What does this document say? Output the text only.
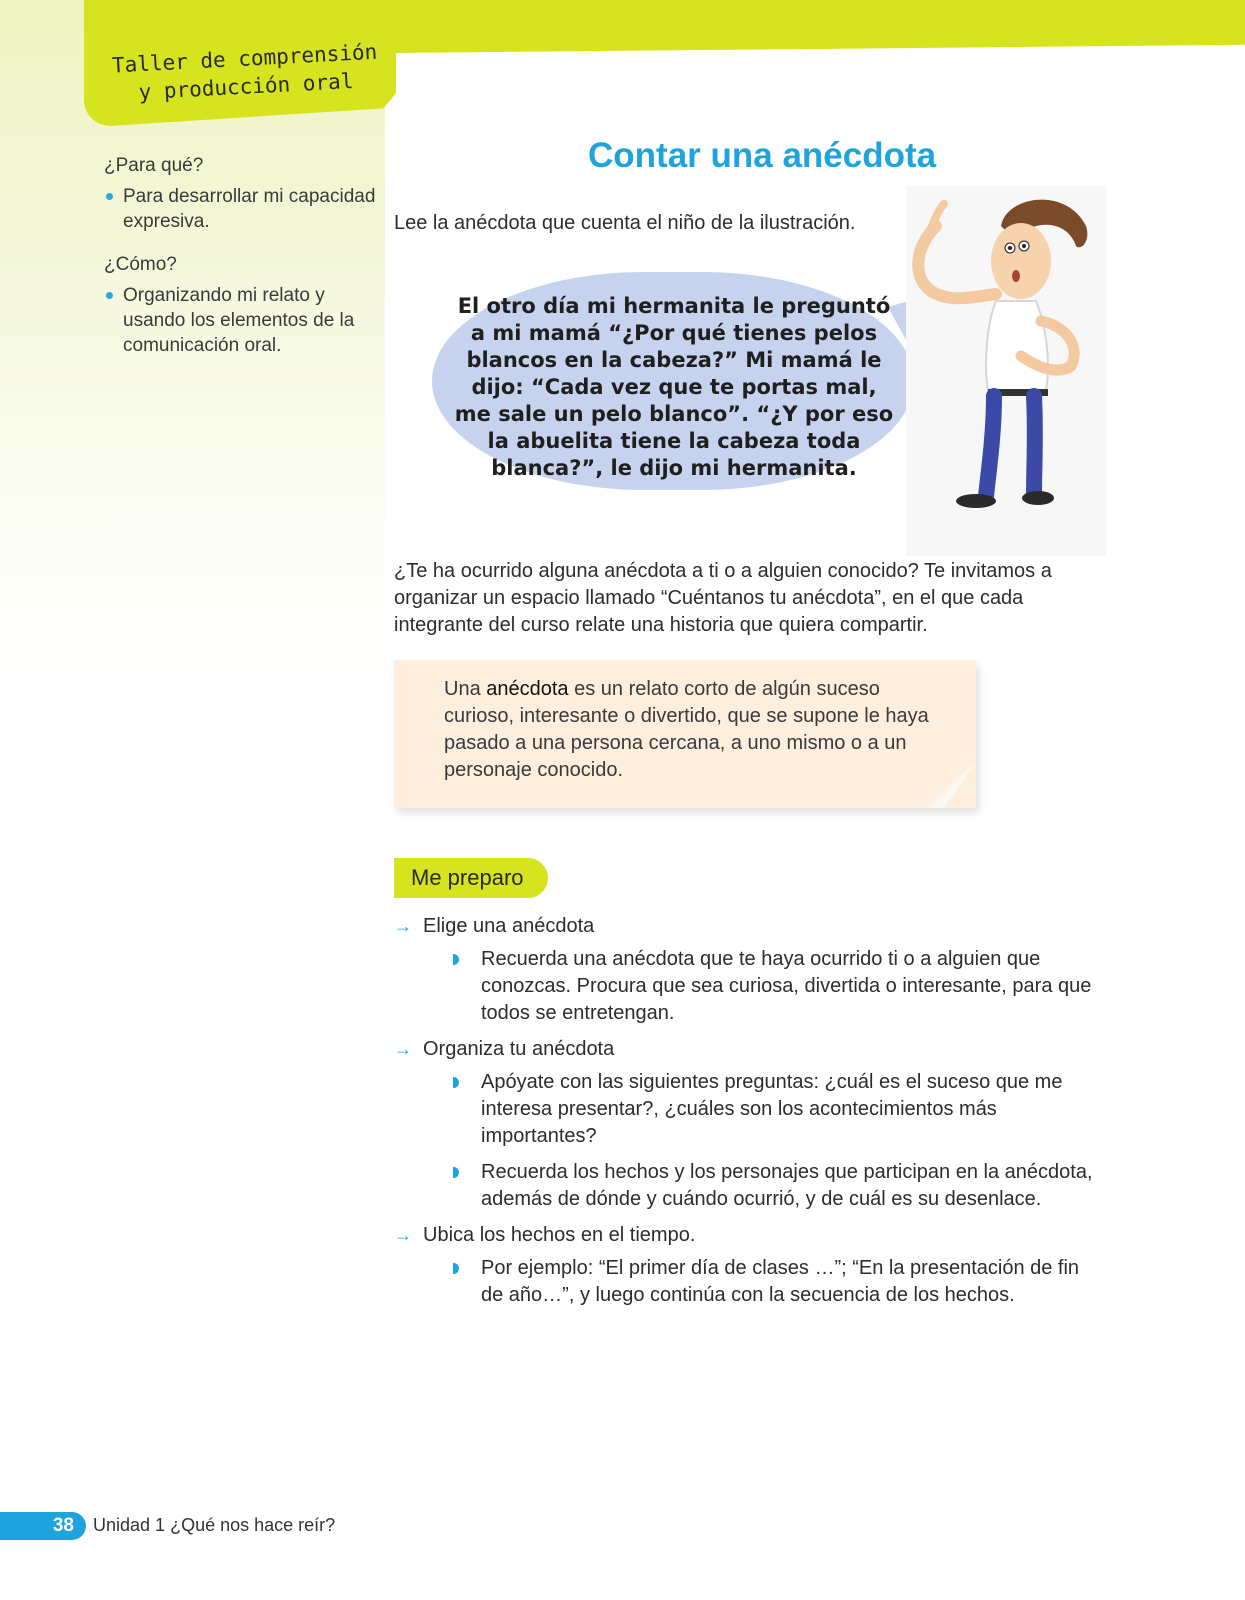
Taller de comprensión
y producción oral
¿Para qué?
Para desarrollar mi capacidad expresiva.
¿Cómo?
Organizando mi relato y usando los elementos de la comunicación oral.
Contar una anécdota
Lee la anécdota que cuenta el niño de la ilustración.
El otro día mi hermanita le preguntó a mi mamá “¿Por qué tienes pelos blancos en la cabeza?” Mi mamá le dijo: “Cada vez que te portas mal, me sale un pelo blanco”. “¿Y por eso la abuelita tiene la cabeza toda blanca?”, le dijo mi hermanita.
¿Te ha ocurrido alguna anécdota a ti o a alguien conocido? Te invitamos a organizar un espacio llamado “Cuéntanos tu anécdota”, en el que cada integrante del curso relate una historia que quiera compartir.
Una anécdota es un relato corto de algún suceso curioso, interesante o divertido, que se supone le haya pasado a una persona cercana, a uno mismo o a un personaje conocido.
Me preparo
→ Elige una anécdota
Recuerda una anécdota que te haya ocurrido ti o a alguien que conozcas. Procura que sea curiosa, divertida o interesante, para que todos se entretengan.
→ Organiza tu anécdota
Apóyate con las siguientes preguntas: ¿cuál es el suceso que me interesa presentar?, ¿cuáles son los acontecimientos más importantes?
Recuerda los hechos y los personajes que participan en la anécdota, además de dónde y cuándo ocurrió, y de cuál es su desenlace.
→ Ubica los hechos en el tiempo.
Por ejemplo: “El primer día de clases …”; “En la presentación de fin de año…”, y luego continúa con la secuencia de los hechos.
38	Unidad 1 ¿Qué nos hace reír?
